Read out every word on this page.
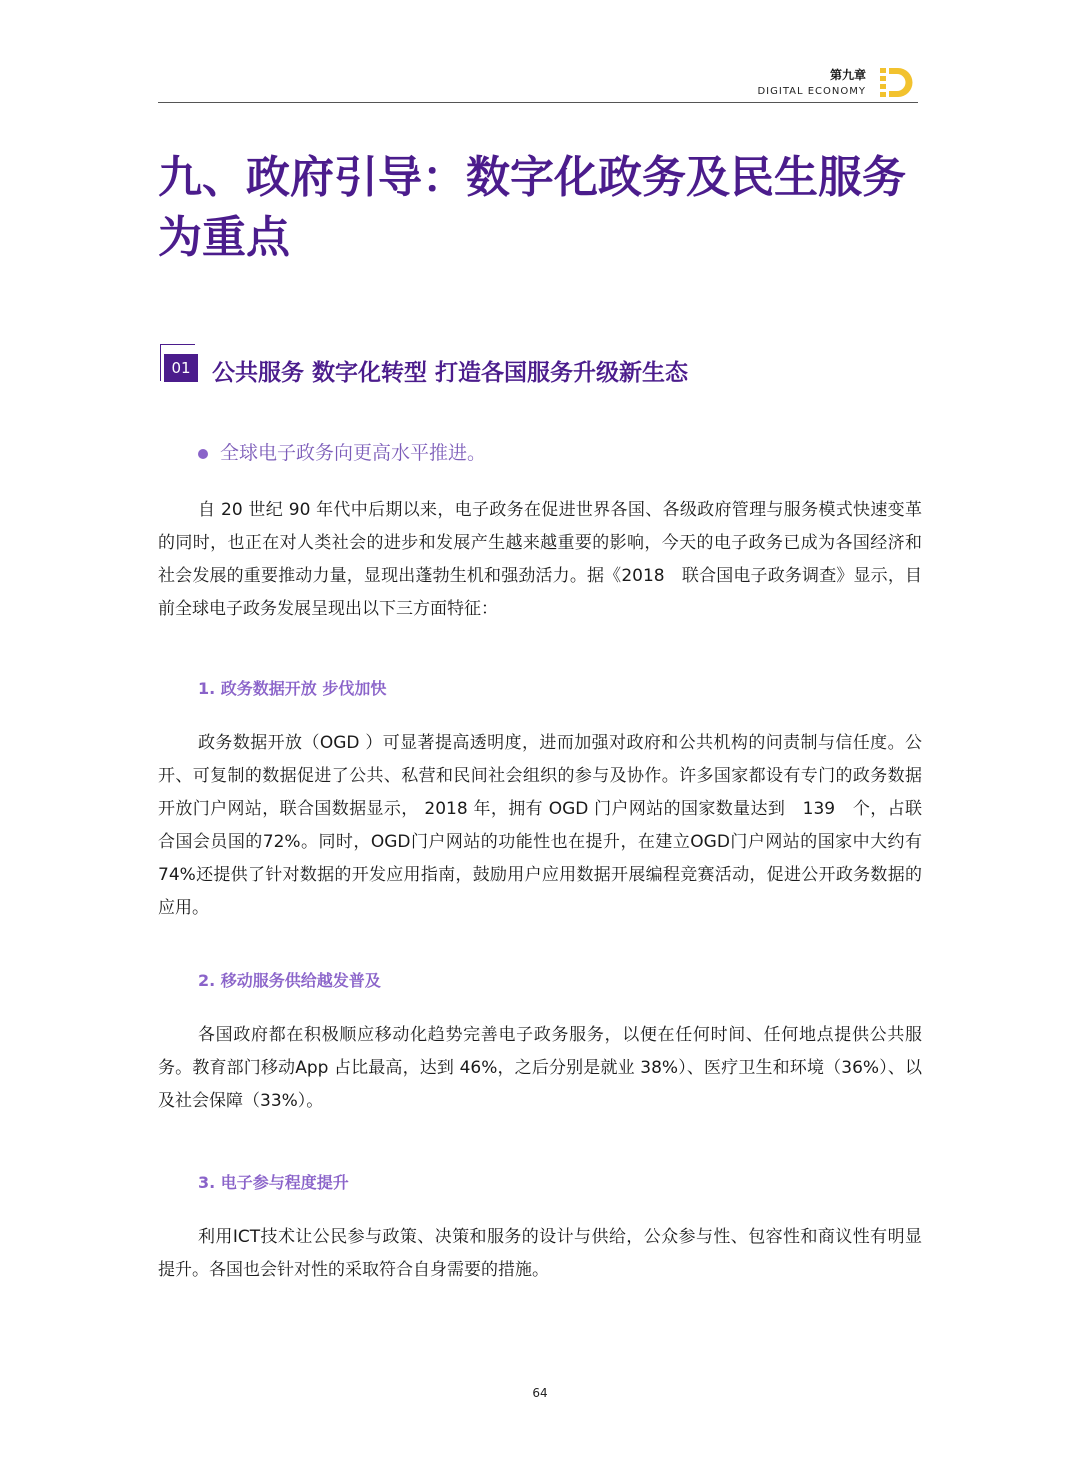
第九章
DIGITAL ECONOMY
九、政府引导：数字化政务及民生服务为重点
01 公共服务 数字化转型 打造各国服务升级新生态
全球电子政务向更高水平推进。

自 20 世纪 90 年代中后期以来，电子政务在促进世界各国、各级政府管理与服务模式快速变革的同时，也正在对人类社会的进步和发展产生越来越重要的影响，今天的电子政务已成为各国经济和社会发展的重要推动力量，显现出蓬勃生机和强劲活力。据《2018　联合国电子政务调查》显示，目前全球电子政务发展呈现出以下三方面特征：

1. 政务数据开放 步伐加快

政务数据开放（OGD ）可显著提高透明度，进而加强对政府和公共机构的问责制与信任度。公开、可复制的数据促进了公共、私营和民间社会组织的参与及协作。许多国家都设有专门的政务数据开放门户网站，联合国数据显示， 2018 年，拥有 OGD 门户网站的国家数量达到　139　个，占联合国会员国的72%。同时，OGD门户网站的功能性也在提升，在建立OGD门户网站的国家中大约有74%还提供了针对数据的开发应用指南，鼓励用户应用数据开展编程竞赛活动，促进公开政务数据的应用。

2. 移动服务供给越发普及

各国政府都在积极顺应移动化趋势完善电子政务服务，以便在任何时间、任何地点提供公共服务。教育部门移动App 占比最高，达到 46%，之后分别是就业 38%）、医疗卫生和环境（36%）、以及社会保障（33%）。

3. 电子参与程度提升

利用ICT技术让公民参与政策、决策和服务的设计与供给，公众参与性、包容性和商议性有明显提升。各国也会针对性的采取符合自身需要的措施。

64
